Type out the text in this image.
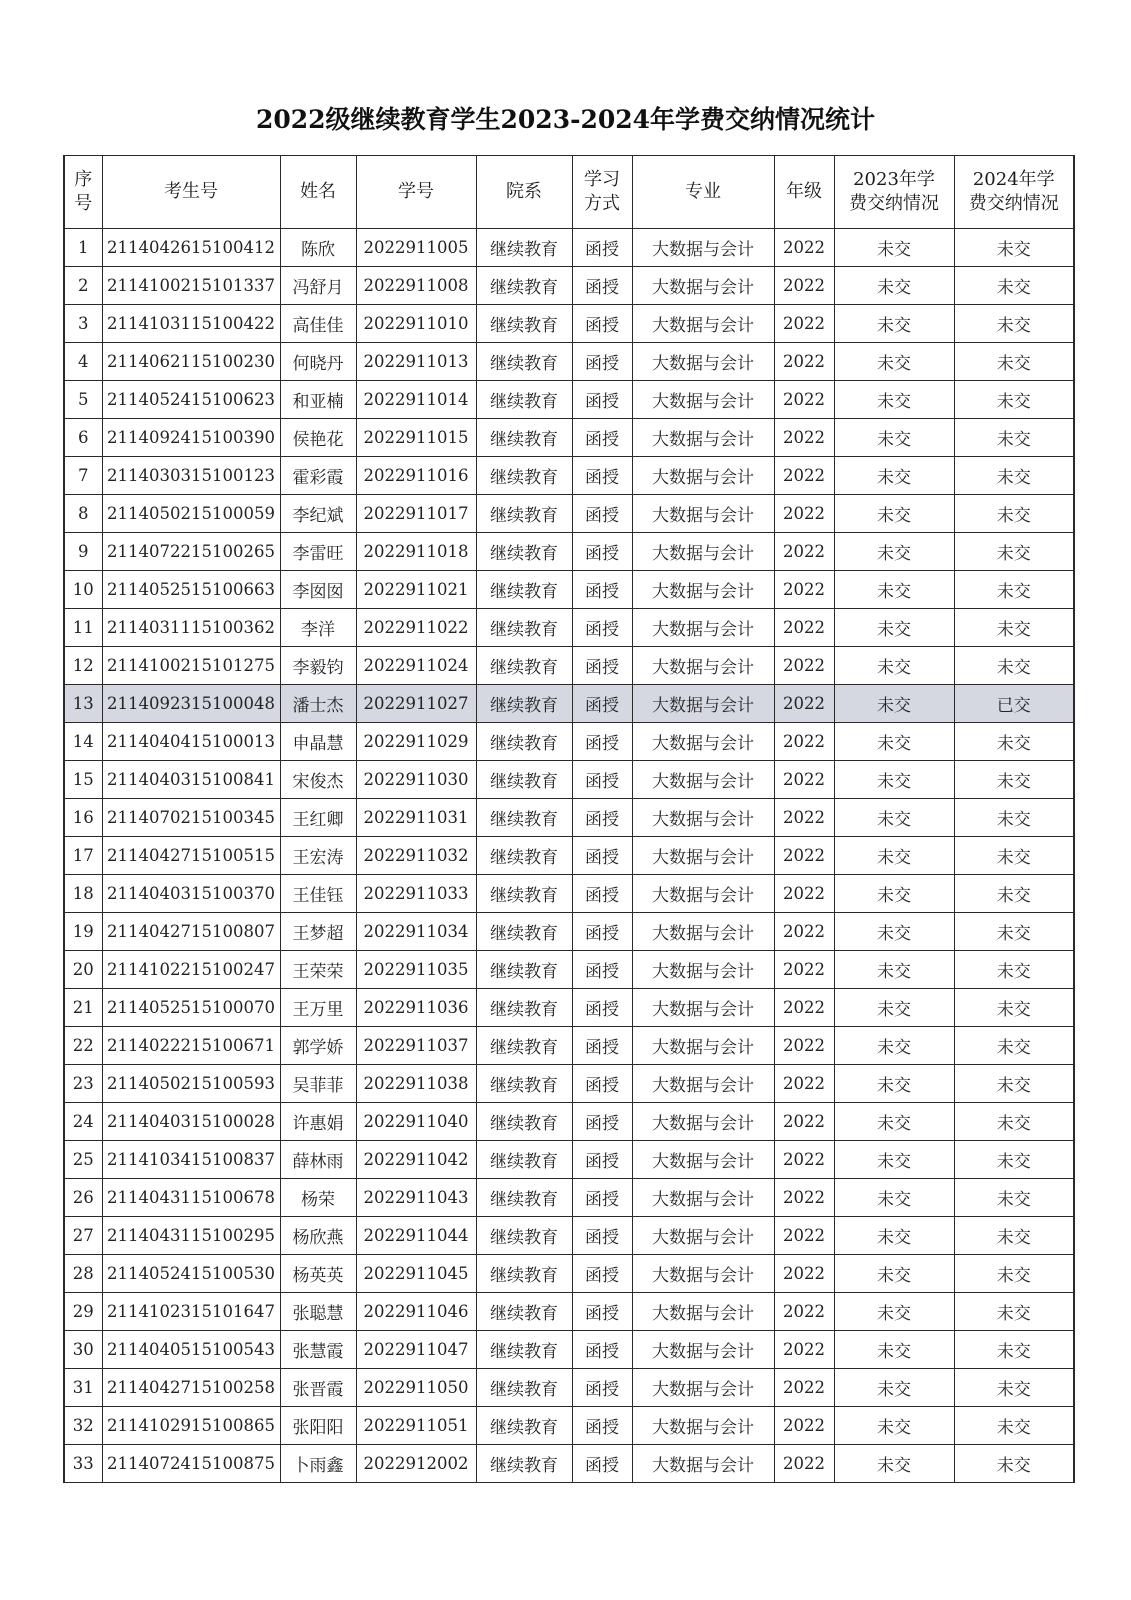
2022级继续教育学生2023-2024年学费交纳情况统计
序号	考生号	姓名	学号	院系	学习方式	专业	年级	2023年学费交纳情况	2024年学费交纳情况
1	2114042615100412	陈欣	2022911005	继续教育	函授	大数据与会计	2022	未交	未交
2	2114100215101337	冯舒月	2022911008	继续教育	函授	大数据与会计	2022	未交	未交
3	2114103115100422	高佳佳	2022911010	继续教育	函授	大数据与会计	2022	未交	未交
4	2114062115100230	何晓丹	2022911013	继续教育	函授	大数据与会计	2022	未交	未交
5	2114052415100623	和亚楠	2022911014	继续教育	函授	大数据与会计	2022	未交	未交
6	2114092415100390	侯艳花	2022911015	继续教育	函授	大数据与会计	2022	未交	未交
7	2114030315100123	霍彩霞	2022911016	继续教育	函授	大数据与会计	2022	未交	未交
8	2114050215100059	李纪斌	2022911017	继续教育	函授	大数据与会计	2022	未交	未交
9	2114072215100265	李雷旺	2022911018	继续教育	函授	大数据与会计	2022	未交	未交
10	2114052515100663	李囡囡	2022911021	继续教育	函授	大数据与会计	2022	未交	未交
11	2114031115100362	李洋	2022911022	继续教育	函授	大数据与会计	2022	未交	未交
12	2114100215101275	李毅钧	2022911024	继续教育	函授	大数据与会计	2022	未交	未交
13	2114092315100048	潘士杰	2022911027	继续教育	函授	大数据与会计	2022	未交	已交
14	2114040415100013	申晶慧	2022911029	继续教育	函授	大数据与会计	2022	未交	未交
15	2114040315100841	宋俊杰	2022911030	继续教育	函授	大数据与会计	2022	未交	未交
16	2114070215100345	王红卿	2022911031	继续教育	函授	大数据与会计	2022	未交	未交
17	2114042715100515	王宏涛	2022911032	继续教育	函授	大数据与会计	2022	未交	未交
18	2114040315100370	王佳钰	2022911033	继续教育	函授	大数据与会计	2022	未交	未交
19	2114042715100807	王梦超	2022911034	继续教育	函授	大数据与会计	2022	未交	未交
20	2114102215100247	王荣荣	2022911035	继续教育	函授	大数据与会计	2022	未交	未交
21	2114052515100070	王万里	2022911036	继续教育	函授	大数据与会计	2022	未交	未交
22	2114022215100671	郭学娇	2022911037	继续教育	函授	大数据与会计	2022	未交	未交
23	2114050215100593	吴菲菲	2022911038	继续教育	函授	大数据与会计	2022	未交	未交
24	2114040315100028	许惠娟	2022911040	继续教育	函授	大数据与会计	2022	未交	未交
25	2114103415100837	薛林雨	2022911042	继续教育	函授	大数据与会计	2022	未交	未交
26	2114043115100678	杨荣	2022911043	继续教育	函授	大数据与会计	2022	未交	未交
27	2114043115100295	杨欣燕	2022911044	继续教育	函授	大数据与会计	2022	未交	未交
28	2114052415100530	杨英英	2022911045	继续教育	函授	大数据与会计	2022	未交	未交
29	2114102315101647	张聪慧	2022911046	继续教育	函授	大数据与会计	2022	未交	未交
30	2114040515100543	张慧霞	2022911047	继续教育	函授	大数据与会计	2022	未交	未交
31	2114042715100258	张晋霞	2022911050	继续教育	函授	大数据与会计	2022	未交	未交
32	2114102915100865	张阳阳	2022911051	继续教育	函授	大数据与会计	2022	未交	未交
33	2114072415100875	卜雨鑫	2022912002	继续教育	函授	大数据与会计	2022	未交	未交
